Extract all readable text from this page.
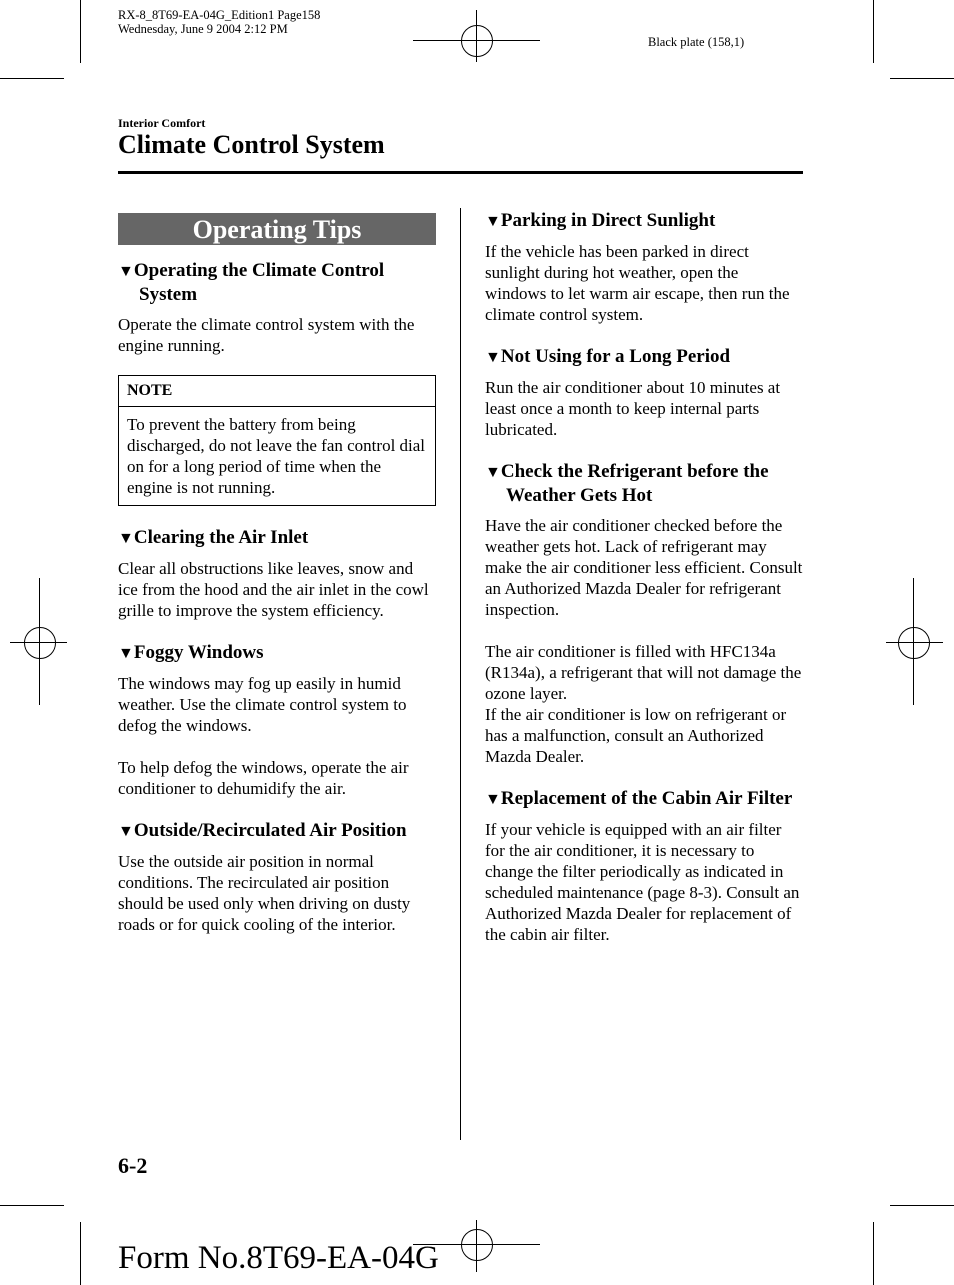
RX-8_8T69-EA-04G_Edition1 Page158
Wednesday, June 9 2004 2:12 PM
Black plate (158,1)
Interior Comfort
Climate Control System
Operating Tips
▼Operating the Climate Control System

Operate the climate control system with the engine running.

NOTE
To prevent the battery from being discharged, do not leave the fan control dial on for a long period of time when the engine is not running.
▼Clearing the Air Inlet

Clear all obstructions like leaves, snow and ice from the hood and the air inlet in the cowl grille to improve the system efficiency.

▼Foggy Windows

The windows may fog up easily in humid weather. Use the climate control system to defog the windows.

To help defog the windows, operate the air conditioner to dehumidify the air.

▼Outside/Recirculated Air Position

Use the outside air position in normal conditions. The recirculated air position should be used only when driving on dusty roads or for quick cooling of the interior.

▼Parking in Direct Sunlight

If the vehicle has been parked in direct sunlight during hot weather, open the windows to let warm air escape, then run the climate control system.

▼Not Using for a Long Period

Run the air conditioner about 10 minutes at least once a month to keep internal parts lubricated.

▼Check the Refrigerant before the Weather Gets Hot

Have the air conditioner checked before the weather gets hot. Lack of refrigerant may make the air conditioner less efficient. Consult an Authorized Mazda Dealer for refrigerant inspection.

The air conditioner is filled with HFC134a (R134a), a refrigerant that will not damage the ozone layer.

If the air conditioner is low on refrigerant or has a malfunction, consult an Authorized Mazda Dealer.

▼Replacement of the Cabin Air Filter

If your vehicle is equipped with an air filter for the air conditioner, it is necessary to change the filter periodically as indicated in scheduled maintenance (page 8-3). Consult an Authorized Mazda Dealer for replacement of the cabin air filter.

6-2
Form No.8T69-EA-04G
